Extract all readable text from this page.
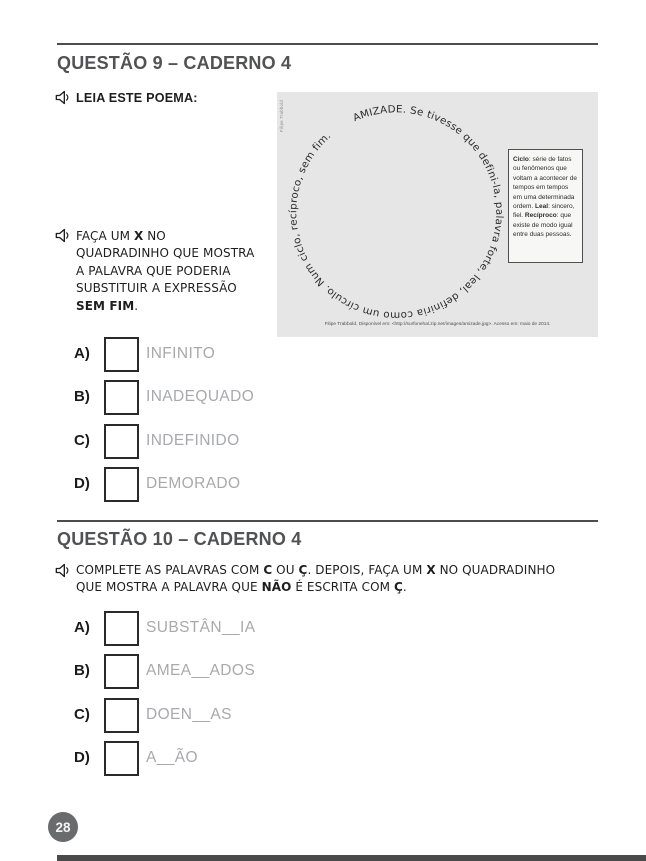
QUESTÃO 9 – CADERNO 4
LEIA ESTE POEMA:
AMIZADE. Se tivesse que defini-la, palavra forte, leal, definiria como um círculo. Num ciclo, recíproco, sem fim.
Filipe Trabbold
Ciclo: série de fatos ou fenômenos que voltam a acontecer de tempos em tempos em uma determinada ordem. Leal: sincero, fiel. Recíproco: que existe de modo igual entre duas pessoas.
Filipe Trabbold. Disponível em: <http://surfonehal.zip.net/images/amizade.jpg>. Acesso em: maio de 2014.
FAÇA UM X NO QUADRADINHO QUE MOSTRA A PALAVRA QUE PODERIA SUBSTITUIR A EXPRESSÃO SEM FIM.
A)	INFINITO
B)	INADEQUADO
C)	INDEFINIDO
D)	DEMORADO
QUESTÃO 10 – CADERNO 4
COMPLETE AS PALAVRAS COM C OU Ç. DEPOIS, FAÇA UM X NO QUADRADINHO QUE MOSTRA A PALAVRA QUE NÃO É ESCRITA COM Ç.
A)	SUBSTÂN__IA
B)	AMEA__ADOS
C)	DOEN__AS
D)	A__ÃO
28
